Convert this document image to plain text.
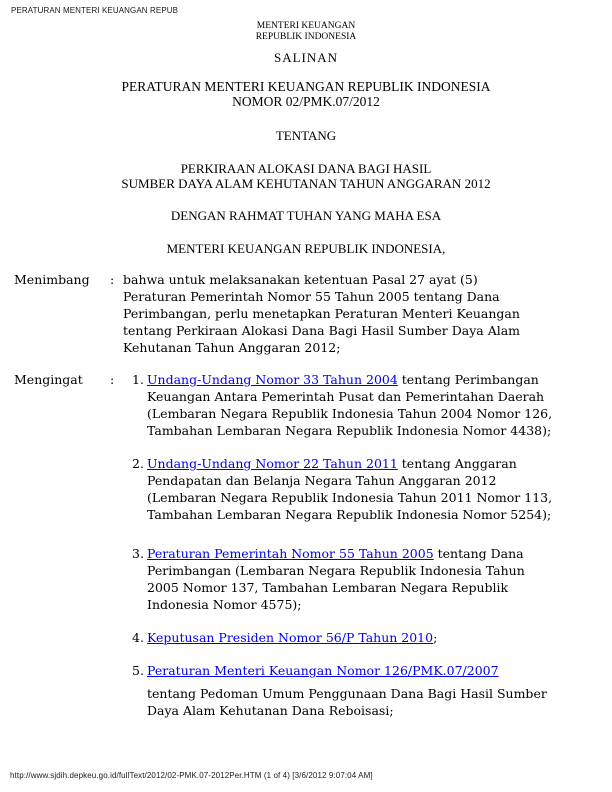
PERATURAN MENTERI KEUANGAN REPUB
MENTERI KEUANGAN
REPUBLIK INDONESIA
SALINAN
PERATURAN MENTERI KEUANGAN REPUBLIK INDONESIA
NOMOR 02/PMK.07/2012
TENTANG
PERKIRAAN ALOKASI DANA BAGI HASIL
SUMBER DAYA ALAM KEHUTANAN TAHUN ANGGARAN 2012
DENGAN RAHMAT TUHAN YANG MAHA ESA
MENTERI KEUANGAN REPUBLIK INDONESIA,
Menimbang	: bahwa untuk melaksanakan ketentuan Pasal 27 ayat (5)
Peraturan Pemerintah Nomor 55 Tahun 2005 tentang Dana
Perimbangan, perlu menetapkan Peraturan Menteri Keuangan
tentang Perkiraan Alokasi Dana Bagi Hasil Sumber Daya Alam
Kehutanan Tahun Anggaran 2012;
Mengingat	:	1. Undang-Undang Nomor 33 Tahun 2004 tentang Perimbangan
Keuangan Antara Pemerintah Pusat dan Pemerintahan Daerah
(Lembaran Negara Republik Indonesia Tahun 2004 Nomor 126,
Tambahan Lembaran Negara Republik Indonesia Nomor 4438);
2. Undang-Undang Nomor 22 Tahun 2011 tentang Anggaran
Pendapatan dan Belanja Negara Tahun Anggaran 2012
(Lembaran Negara Republik Indonesia Tahun 2011 Nomor 113,
Tambahan Lembaran Negara Republik Indonesia Nomor 5254);
3. Peraturan Pemerintah Nomor 55 Tahun 2005 tentang Dana
Perimbangan (Lembaran Negara Republik Indonesia Tahun
2005 Nomor 137, Tambahan Lembaran Negara Republik
Indonesia Nomor 4575);
4. Keputusan Presiden Nomor 56/P Tahun 2010;
5. Peraturan Menteri Keuangan Nomor 126/PMK.07/2007
tentang Pedoman Umum Penggunaan Dana Bagi Hasil Sumber
Daya Alam Kehutanan Dana Reboisasi;
http://www.sjdih.depkeu.go.id/fullText/2012/02-PMK.07-2012Per.HTM (1 of 4) [3/6/2012 9:07:04 AM]
